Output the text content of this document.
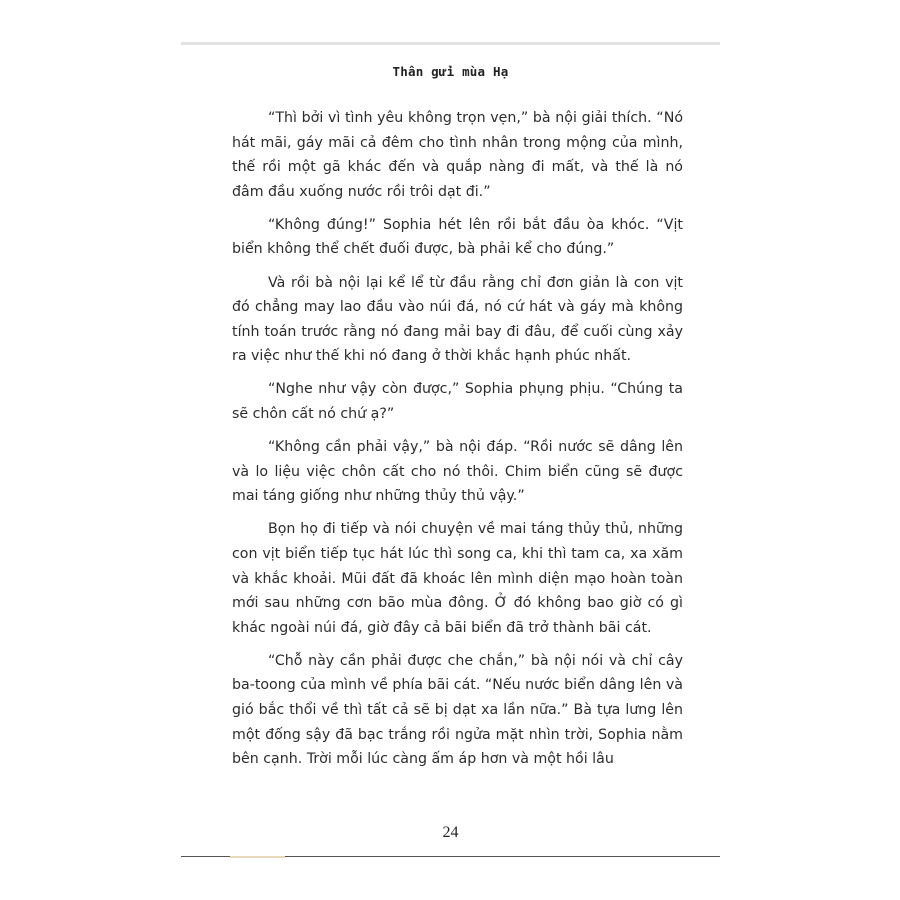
Thân gửi mùa Hạ

“Thì bởi vì tình yêu không trọn vẹn,” bà nội giải thích. “Nó hát mãi, gáy mãi cả đêm cho tình nhân trong mộng của mình, thế rồi một gã khác đến và quắp nàng đi mất, và thế là nó đâm đầu xuống nước rồi trôi dạt đi.”

“Không đúng!” Sophia hét lên rồi bắt đầu òa khóc. “Vịt biển không thể chết đuối được, bà phải kể cho đúng.”

Và rồi bà nội lại kể lể từ đầu rằng chỉ đơn giản là con vịt đó chẳng may lao đầu vào núi đá, nó cứ hát và gáy mà không tính toán trước rằng nó đang mải bay đi đâu, để cuối cùng xảy ra việc như thế khi nó đang ở thời khắc hạnh phúc nhất.

“Nghe như vậy còn được,” Sophia phụng phịu. “Chúng ta sẽ chôn cất nó chứ ạ?”

“Không cần phải vậy,” bà nội đáp. “Rồi nước sẽ dâng lên và lo liệu việc chôn cất cho nó thôi. Chim biển cũng sẽ được mai táng giống như những thủy thủ vậy.”

Bọn họ đi tiếp và nói chuyện về mai táng thủy thủ, những con vịt biển tiếp tục hát lúc thì song ca, khi thì tam ca, xa xăm và khắc khoải. Mũi đất đã khoác lên mình diện mạo hoàn toàn mới sau những cơn bão mùa đông. Ở đó không bao giờ có gì khác ngoài núi đá, giờ đây cả bãi biển đã trở thành bãi cát.

“Chỗ này cần phải được che chắn,” bà nội nói và chỉ cây ba-toong của mình về phía bãi cát. “Nếu nước biển dâng lên và gió bắc thổi về thì tất cả sẽ bị dạt xa lần nữa.” Bà tựa lưng lên một đống sậy đã bạc trắng rồi ngửa mặt nhìn trời, Sophia nằm bên cạnh. Trời mỗi lúc càng ấm áp hơn và một hồi lâu

24
